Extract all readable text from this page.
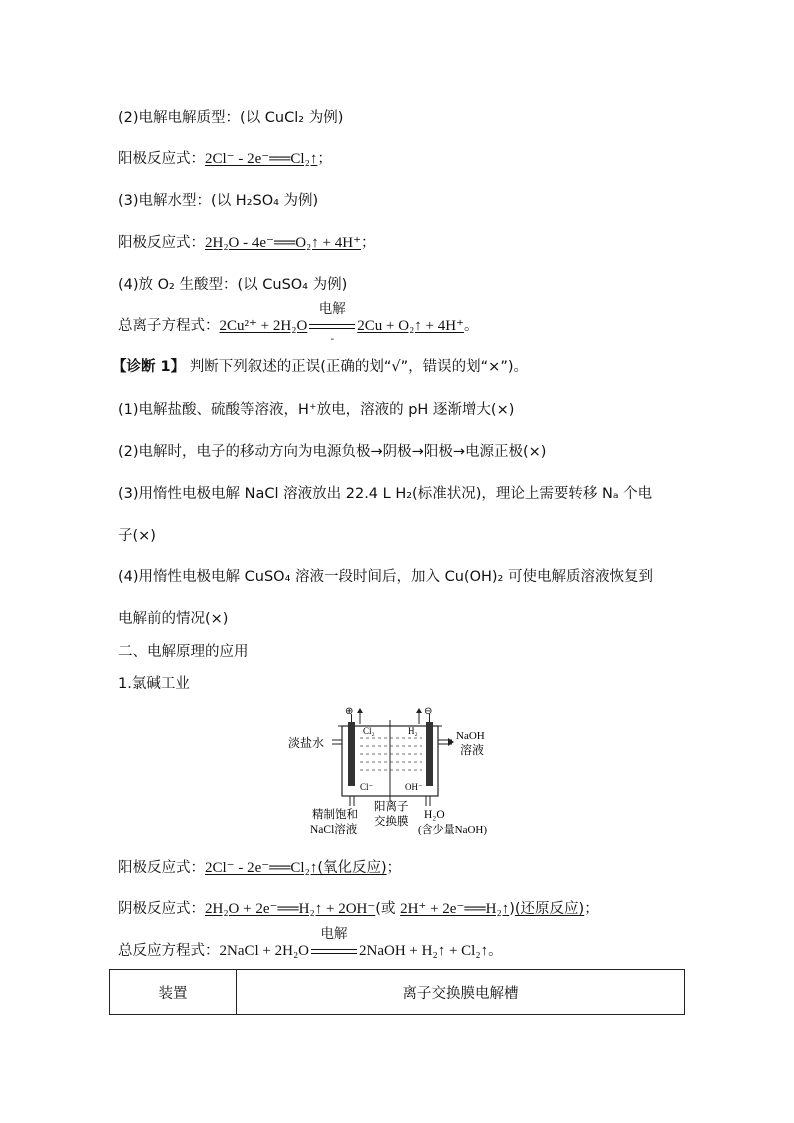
(2)电解电解质型：(以 CuCl₂ 为例)
阳极反应式：2Cl⁻ - 2e⁻══Cl₂↑；
(3)电解水型：(以 H₂SO₄ 为例)
阳极反应式：2H₂O - 4e⁻══O₂↑ + 4H⁺；
(4)放 O₂ 生酸型：(以 CuSO₄ 为例)
总离子方程式：2Cu²⁺ + 2H₂O
电解
-
2Cu + O₂↑ + 4H⁺。
【诊断 1】 判断下列叙述的正误(正确的划“√”，错误的划“×”)。
(1)电解盐酸、硫酸等溶液，H⁺放电，溶液的 pH 逐渐增大(×)
(2)电解时，电子的移动方向为电源负极→阴极→阳极→电源正极(×)
(3)用惰性电极电解 NaCl 溶液放出 22.4 L H₂(标准状况)，理论上需要转移 Nₐ 个电
子(×)
(4)用惰性电极电解 CuSO₄ 溶液一段时间后，加入 Cu(OH)₂ 可使电解质溶液恢复到
电解前的情况(×)
二、电解原理的应用
1.氯碱工业
⊕	⊖
Cl₂	H₂
淡盐水	NaOH
溶液
Cl⁻	OH⁻
精制饱和
NaCl溶液
阳离子
交换膜
H₂O
(含少量NaOH)
阳极反应式：2Cl⁻ - 2e⁻══Cl₂↑(氧化反应)；
阴极反应式：2H₂O + 2e⁻══H₂↑ + 2OH⁻(或 2H⁺ + 2e⁻══H₂↑)(还原反应)；
总反应方程式：2NaCl + 2H₂O
电解
2NaOH + H₂↑ + Cl₂↑。
装置	离子交换膜电解槽
